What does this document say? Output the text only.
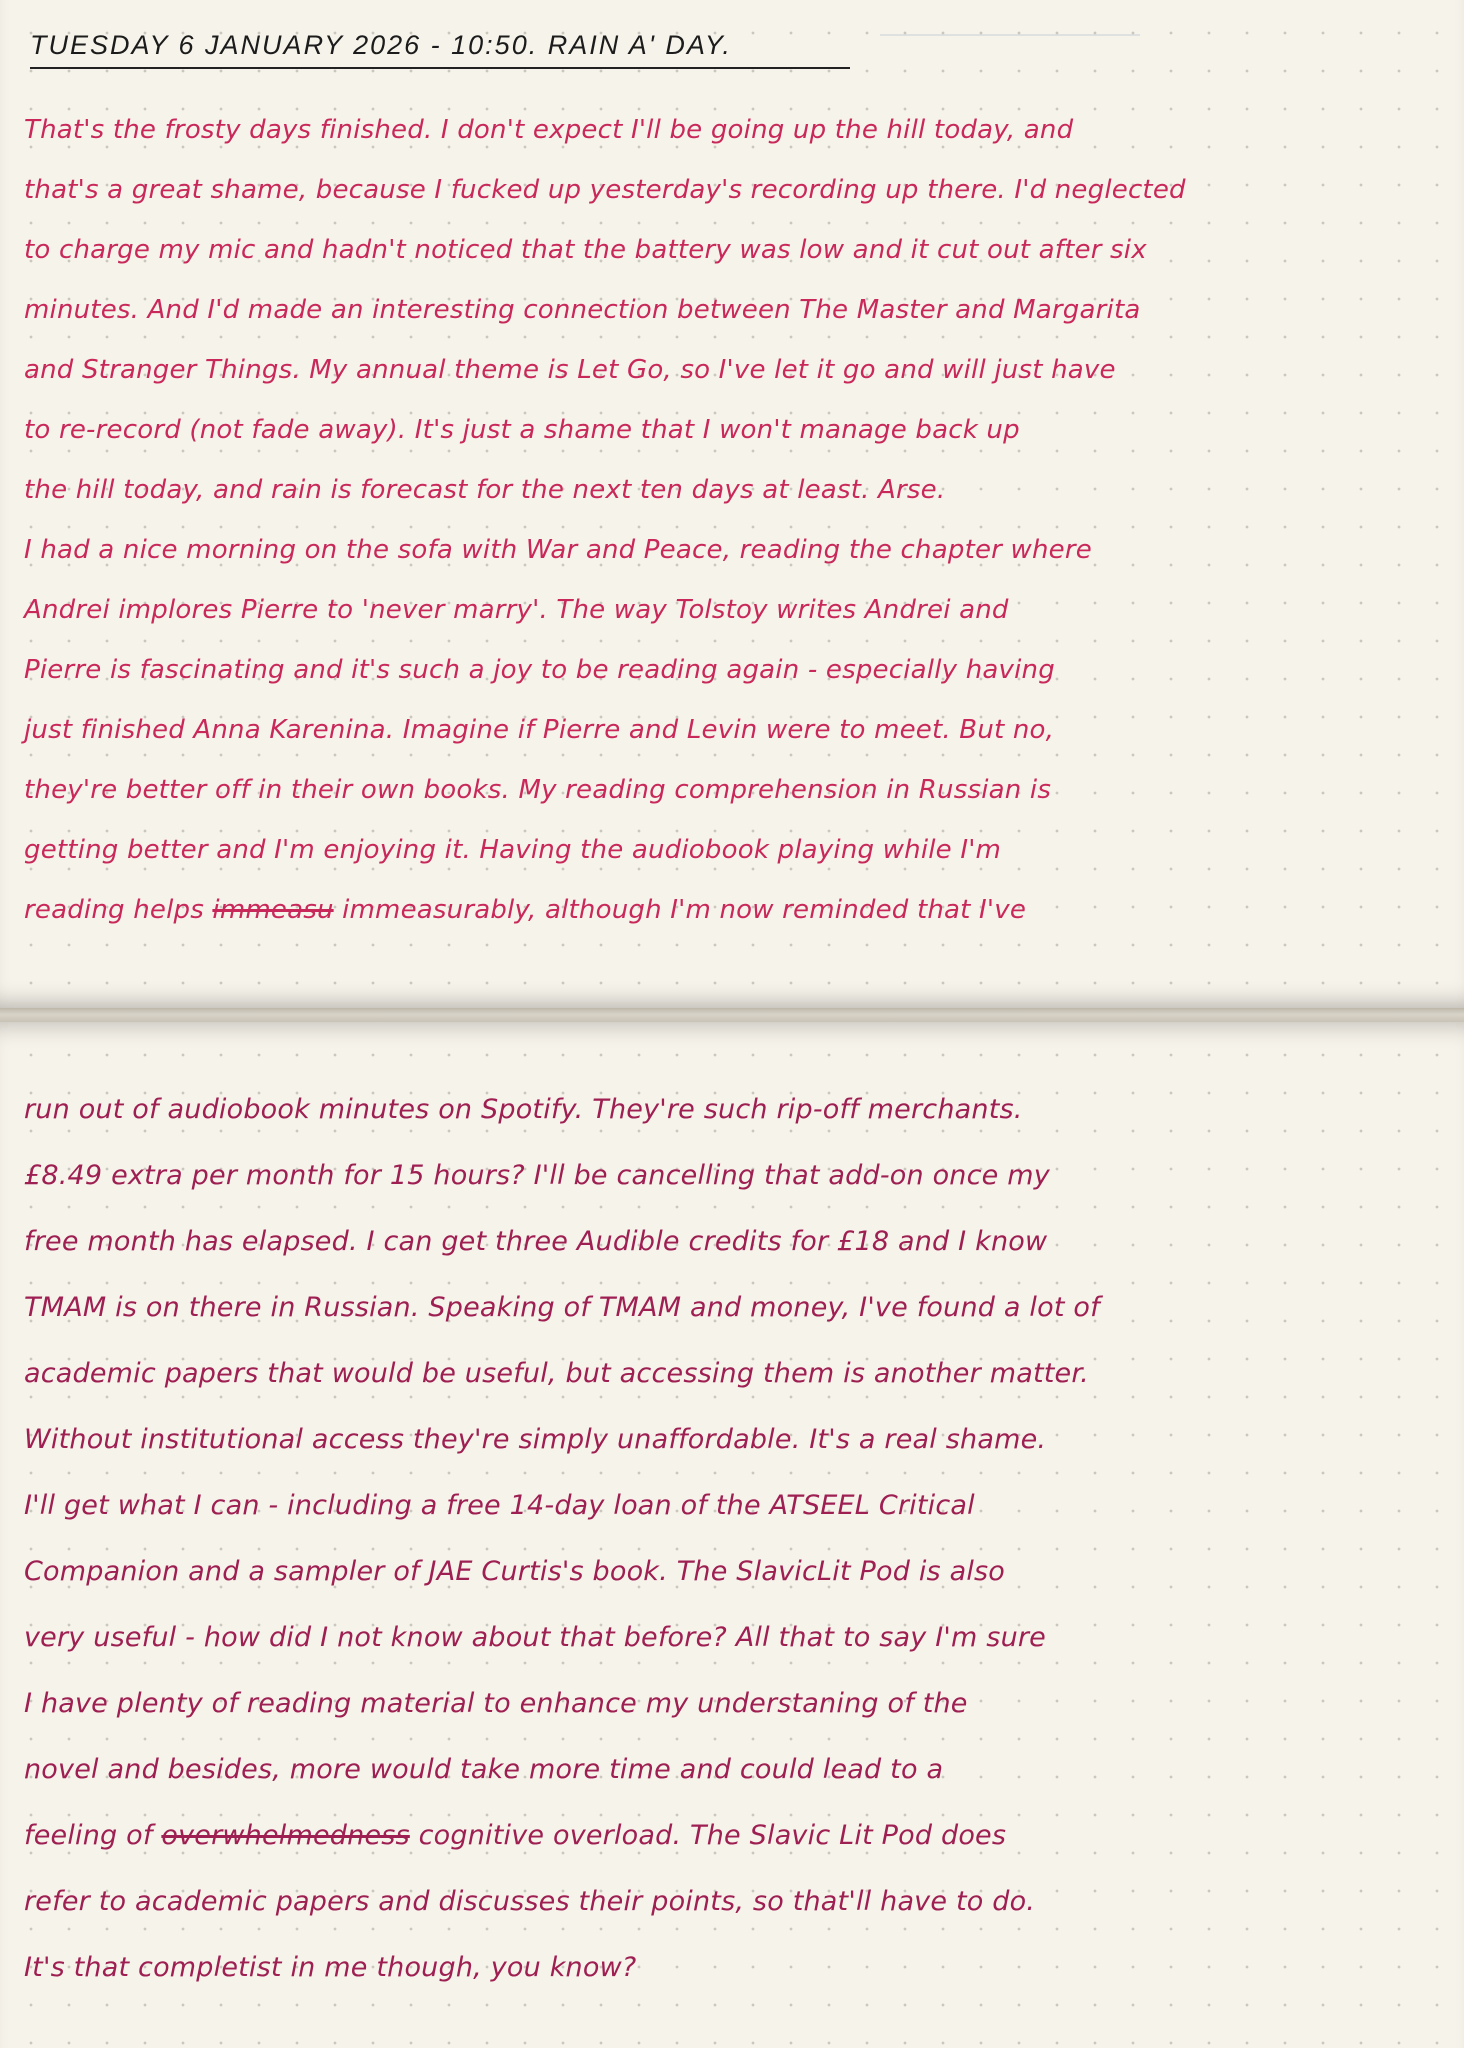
TUESDAY 6 JANUARY 2026 - 10:50. RAIN A' DAY.
That's the frosty days finished. I don't expect I'll be going up the hill today, and
that's a great shame, because I fucked up yesterday's recording up there. I'd neglected
to charge my mic and hadn't noticed that the battery was low and it cut out after six
minutes. And I'd made an interesting connection between The Master and Margarita
and Stranger Things. My annual theme is Let Go, so I've let it go and will just have
to re-record (not fade away). It's just a shame that I won't manage back up
the hill today, and rain is forecast for the next ten days at least. Arse.
I had a nice morning on the sofa with War and Peace, reading the chapter where
Andrei implores Pierre to 'never marry'. The way Tolstoy writes Andrei and
Pierre is fascinating and it's such a joy to be reading again - especially having
just finished Anna Karenina. Imagine if Pierre and Levin were to meet. But no,
they're better off in their own books. My reading comprehension in Russian is
getting better and I'm enjoying it. Having the audiobook playing while I'm
reading helps immeasu immeasurably, although I'm now reminded that I've
run out of audiobook minutes on Spotify. They're such rip-off merchants.
£8.49 extra per month for 15 hours? I'll be cancelling that add-on once my
free month has elapsed. I can get three Audible credits for £18 and I know
TMAM is on there in Russian. Speaking of TMAM and money, I've found a lot of
academic papers that would be useful, but accessing them is another matter.
Without institutional access they're simply unaffordable. It's a real shame.
I'll get what I can - including a free 14-day loan of the ATSEEL Critical
Companion and a sampler of JAE Curtis's book. The SlavicLit Pod is also
very useful - how did I not know about that before? All that to say I'm sure
I have plenty of reading material to enhance my understaning of the
novel and besides, more would take more time and could lead to a
feeling of overwhelmedness cognitive overload. The Slavic Lit Pod does
refer to academic papers and discusses their points, so that'll have to do.
It's that completist in me though, you know?
